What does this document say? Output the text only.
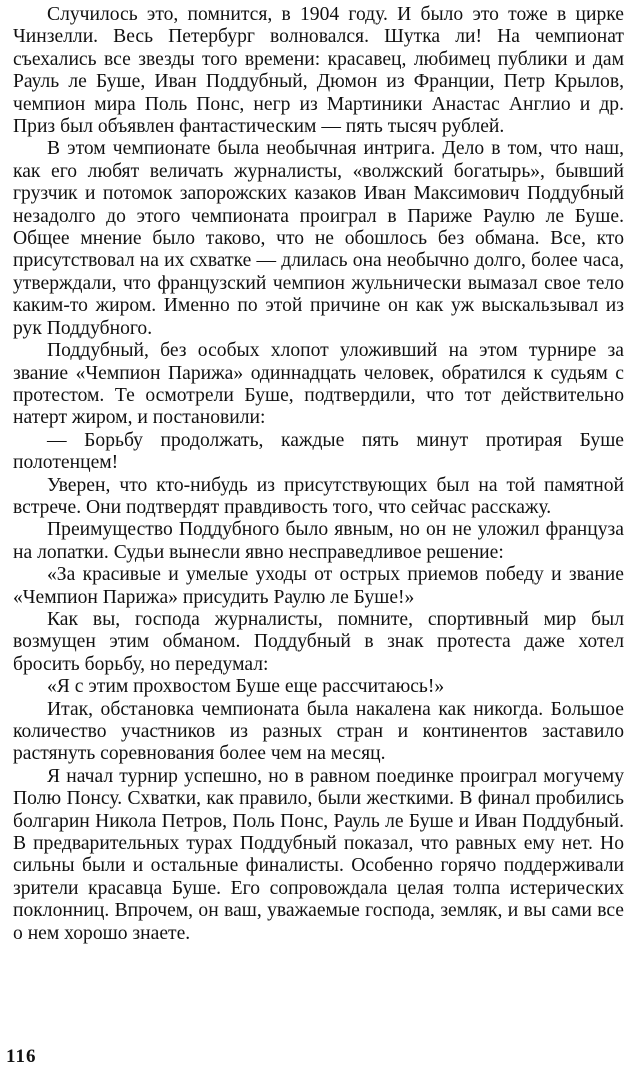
Случилось это, помнится, в 1904 году. И было это тоже в цирке Чинзелли. Весь Петербург волновался. Шутка ли! На чемпионат съехались все звезды того времени: красавец, любимец публики и дам Рауль ле Буше, Иван Поддубный, Дюмон из Франции, Петр Крылов, чемпион мира Поль Понс, негр из Мартиники Анастас Англио и др. Приз был объявлен фантастическим — пять тысяч рублей.

В этом чемпионате была необычная интрига. Дело в том, что наш, как его любят величать журналисты, «волжский богатырь», бывший грузчик и потомок запорожских казаков Иван Максимович Поддубный незадолго до этого чемпионата проиграл в Париже Раулю ле Буше. Общее мнение было таково, что не обошлось без обмана. Все, кто присутствовал на их схватке — длилась она необычно долго, более часа, утверждали, что французский чемпион жульнически вымазал свое тело каким-то жиром. Именно по этой причине он как уж выскальзывал из рук Поддубного.

Поддубный, без особых хлопот уложивший на этом турнире за звание «Чемпион Парижа» одиннадцать человек, обратился к судьям с протестом. Те осмотрели Буше, подтвердили, что тот действительно натерт жиром, и постановили:

— Борьбу продолжать, каждые пять минут протирая Буше полотенцем!

Уверен, что кто-нибудь из присутствующих был на той памятной встрече. Они подтвердят правдивость того, что сейчас расскажу.

Преимущество Поддубного было явным, но он не уложил француза на лопатки. Судьи вынесли явно несправедливое решение:

«За красивые и умелые уходы от острых приемов победу и звание «Чемпион Парижа» присудить Раулю ле Буше!»

Как вы, господа журналисты, помните, спортивный мир был возмущен этим обманом. Поддубный в знак протеста даже хотел бросить борьбу, но передумал:

«Я с этим прохвостом Буше еще рассчитаюсь!»

Итак, обстановка чемпионата была накалена как никогда. Большое количество участников из разных стран и континентов заставило растянуть соревнования более чем на месяц.

Я начал турнир успешно, но в равном поединке проиграл могучему Полю Понсу. Схватки, как правило, были жесткими. В финал пробились болгарин Никола Петров, Поль Понс, Рауль ле Буше и Иван Поддубный. В предварительных турах Поддубный показал, что равных ему нет. Но сильны были и остальные финалисты. Особенно горячо поддерживали зрители красавца Буше. Его сопровождала целая толпа истерических поклонниц. Впрочем, он ваш, уважаемые господа, земляк, и вы сами все о нем хорошо знаете.

116
